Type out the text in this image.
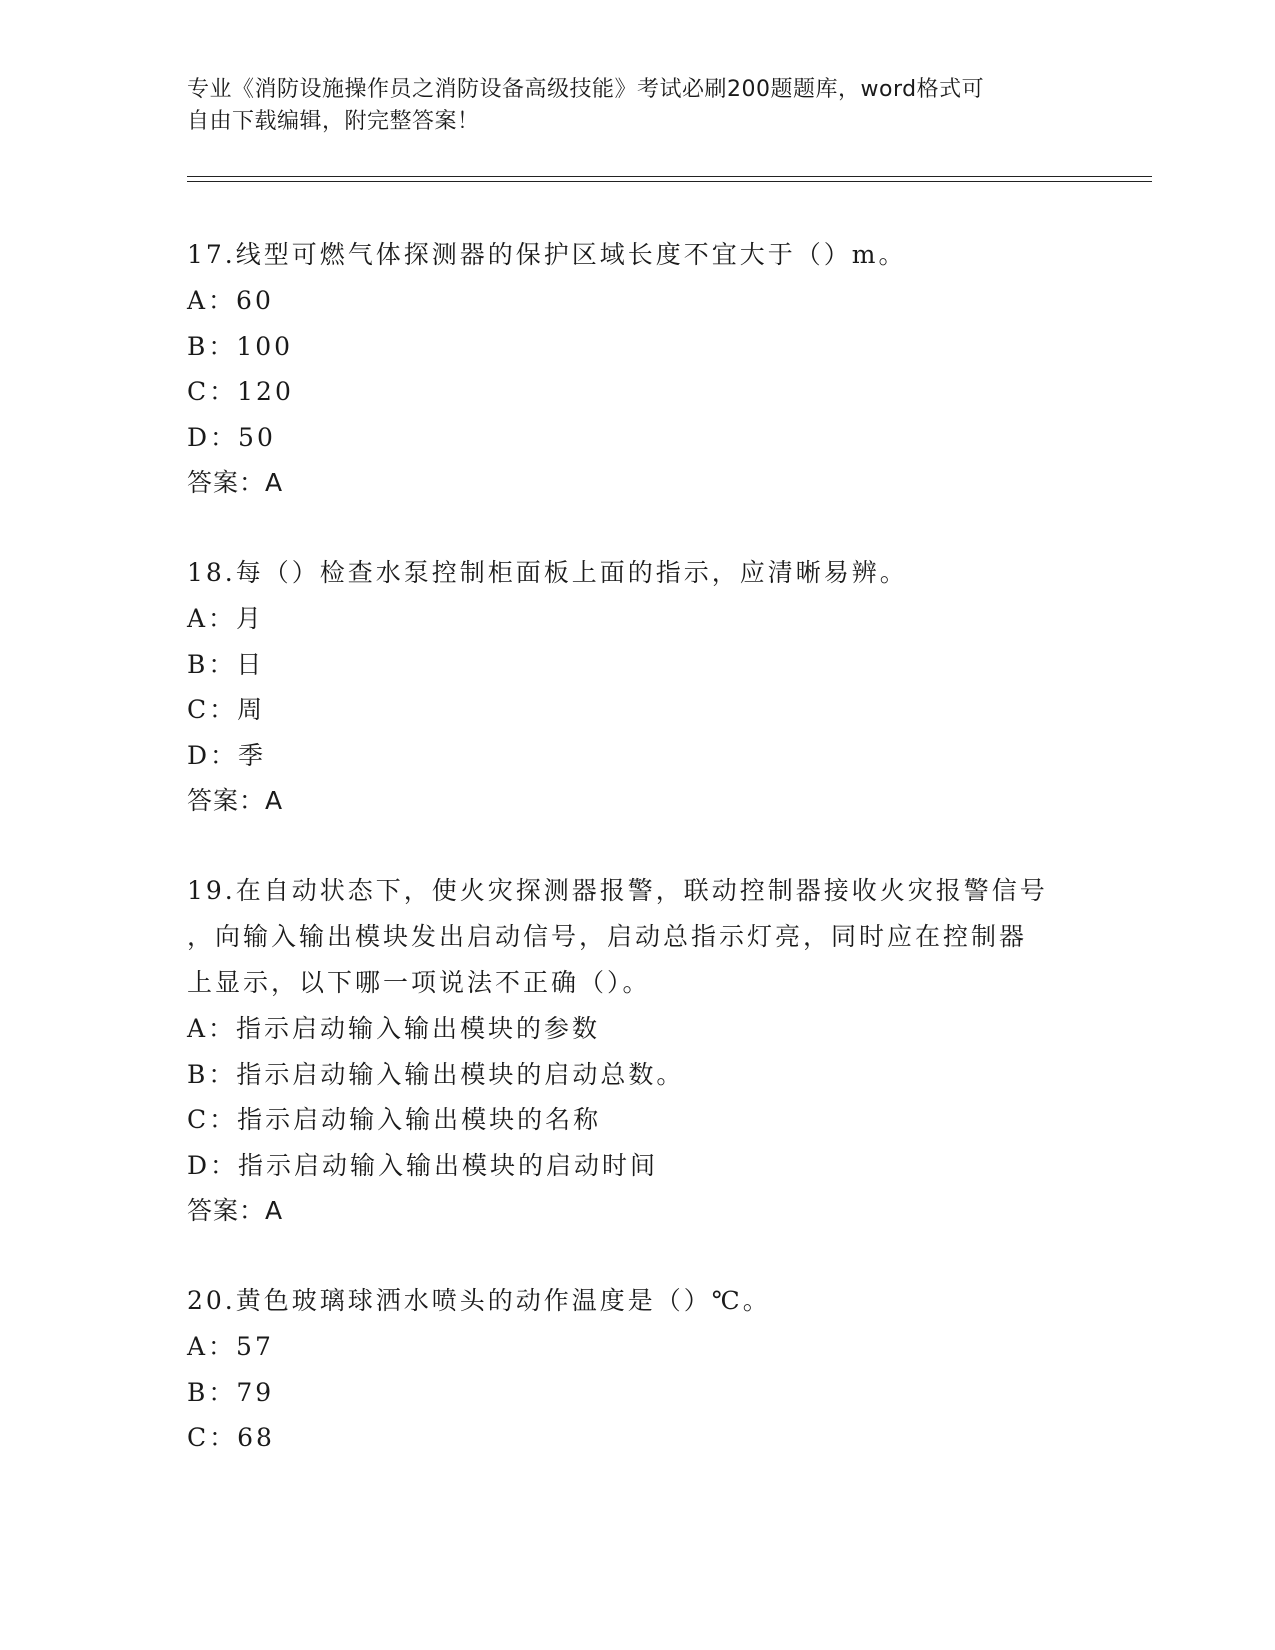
专业《消防设施操作员之消防设备高级技能》考试必刷200题题库，word格式可
自由下载编辑，附完整答案！
17.线型可燃气体探测器的保护区域长度不宜大于（）m。
A：60
B：100
C：120
D：50
答案：A
18.每（）检查水泵控制柜面板上面的指示，应清晰易辨。
A：月
B：日
C：周
D：季
答案：A
19.在自动状态下，使火灾探测器报警，联动控制器接收火灾报警信号
，向输入输出模块发出启动信号，启动总指示灯亮，同时应在控制器
上显示，以下哪一项说法不正确（）。
A：指示启动输入输出模块的参数
B：指示启动输入输出模块的启动总数。
C：指示启动输入输出模块的名称
D：指示启动输入输出模块的启动时间
答案：A
20.黄色玻璃球洒水喷头的动作温度是（）℃。
A：57
B：79
C：68
